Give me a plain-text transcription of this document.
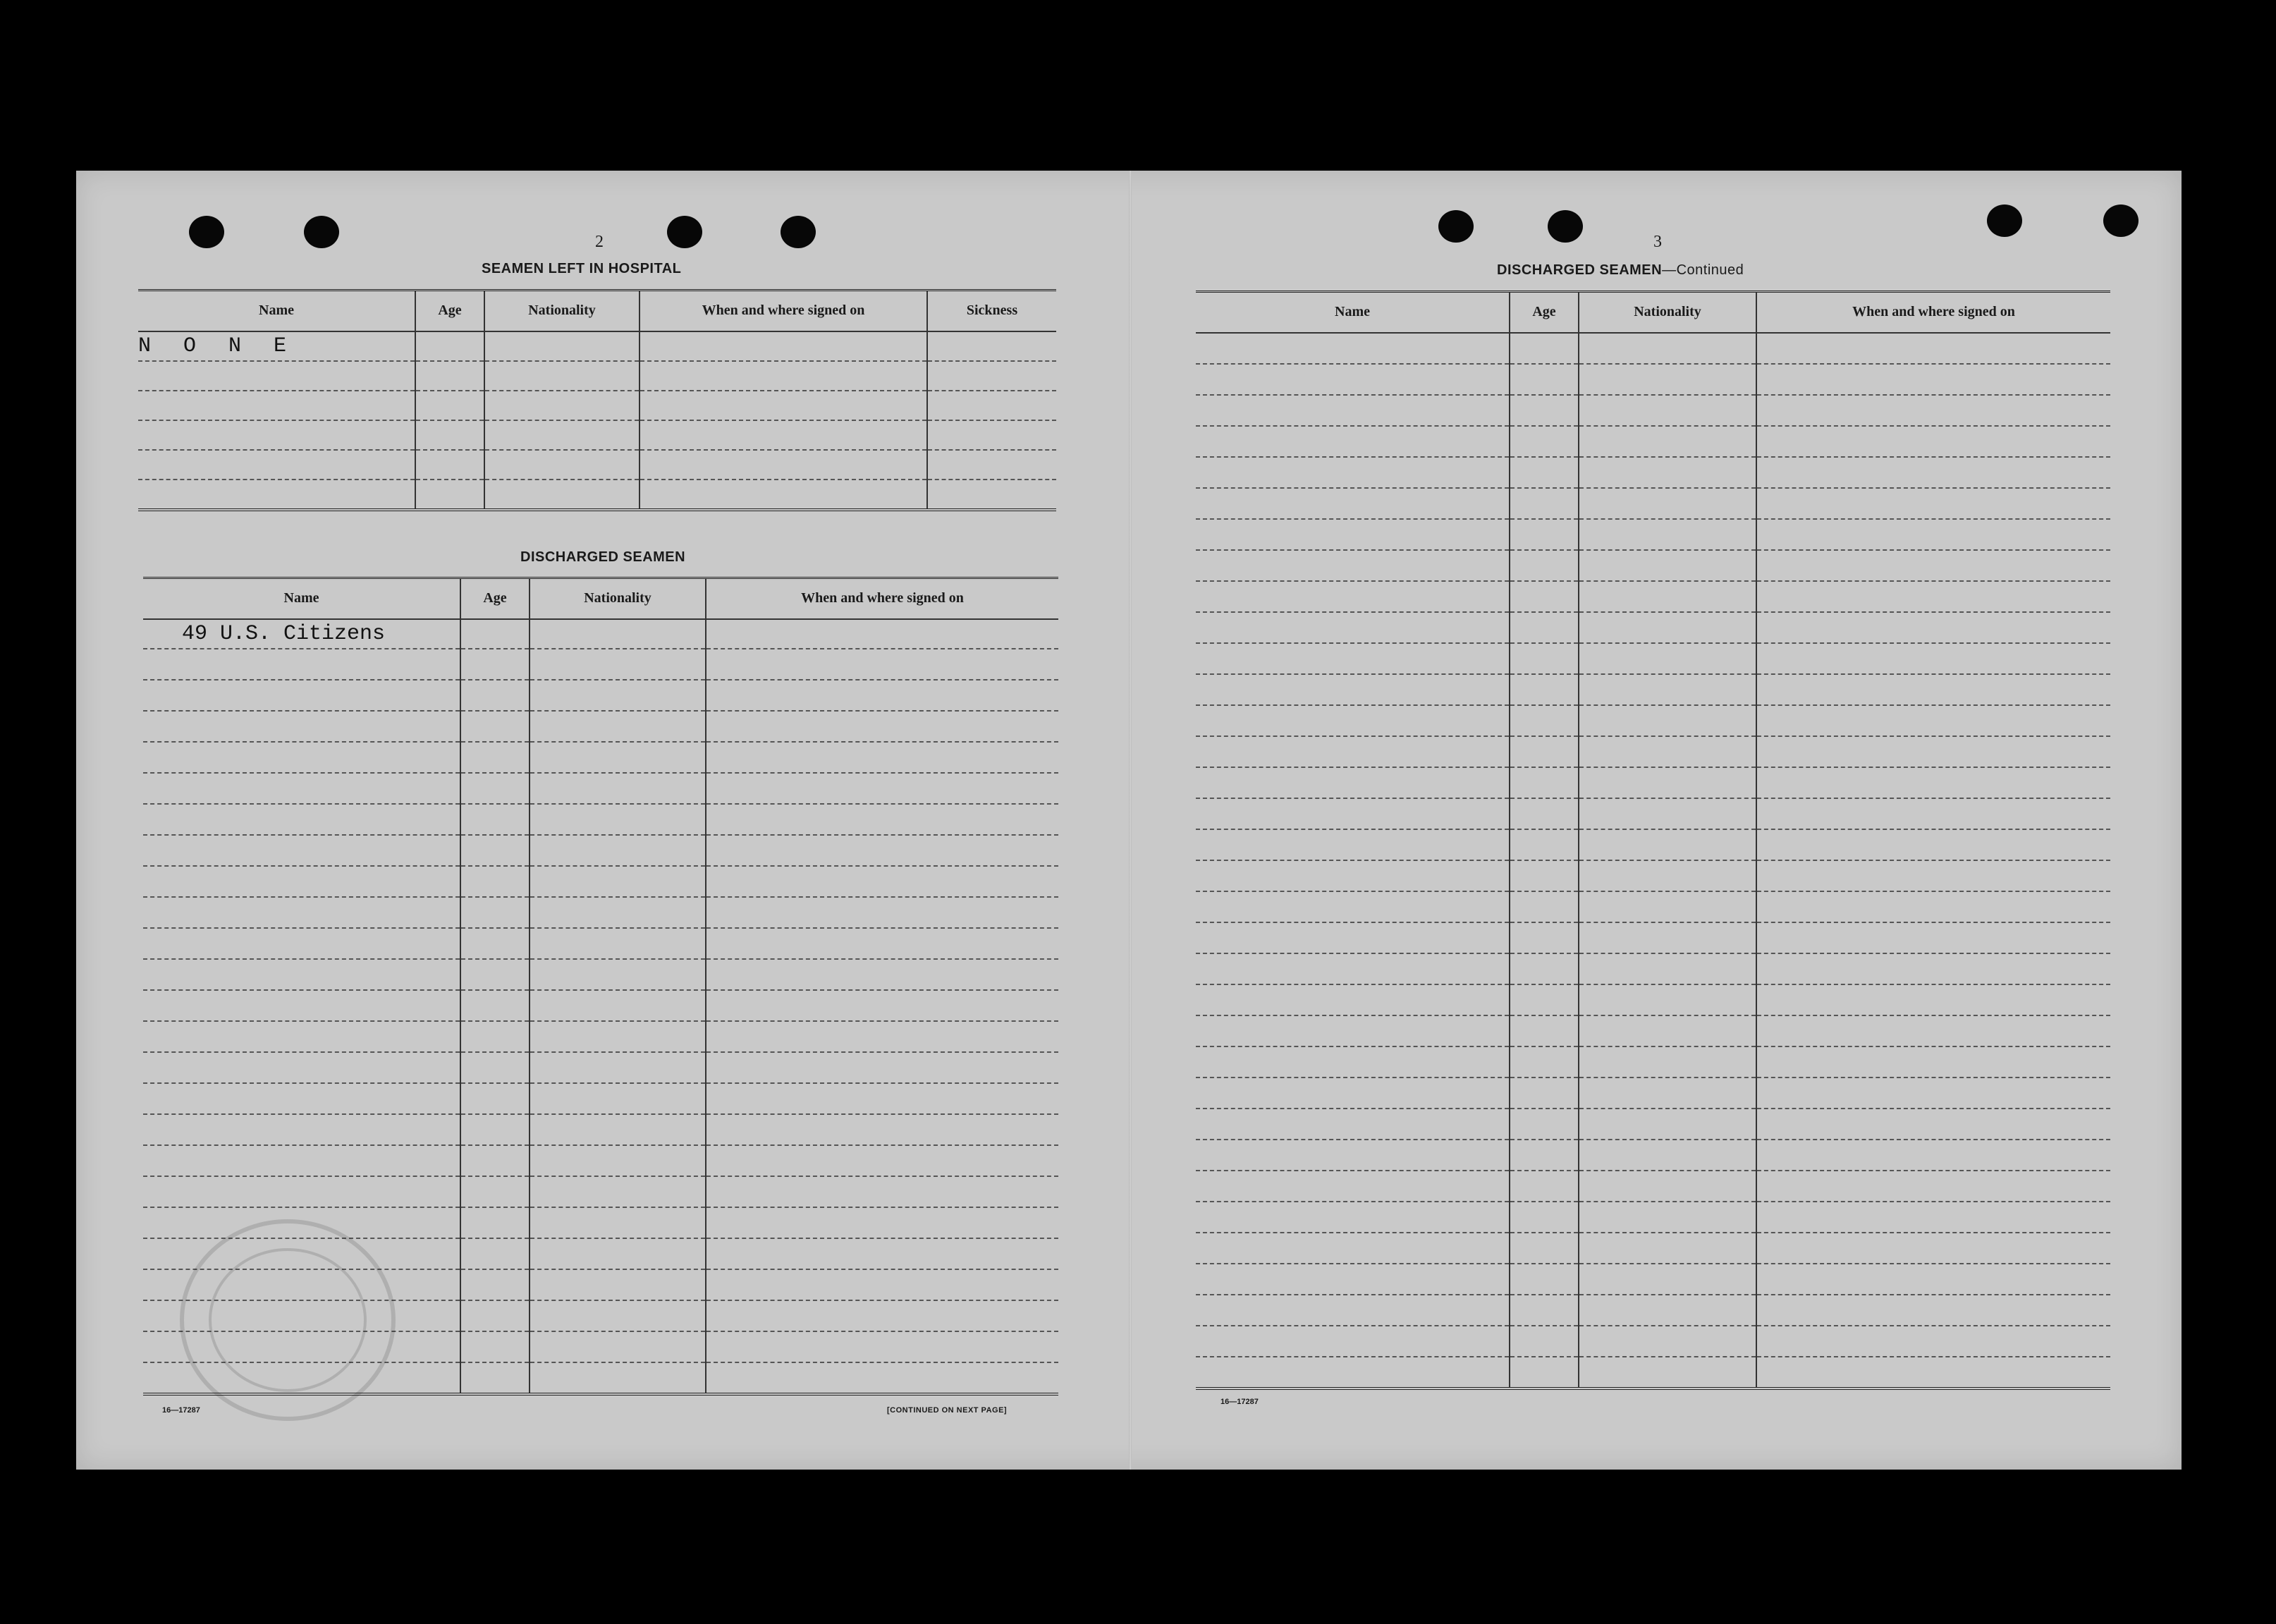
2
SEAMEN LEFT IN HOSPITAL
Name	Age	Nationality	When and where signed on	Sickness
N O N E				

DISCHARGED SEAMEN
Name	Age	Nationality	When and where signed on
49 U.S. Citizens			

16—17287	[CONTINUED ON NEXT PAGE]
3
DISCHARGED SEAMEN—Continued
Name	Age	Nationality	When and where signed on

16—17287
